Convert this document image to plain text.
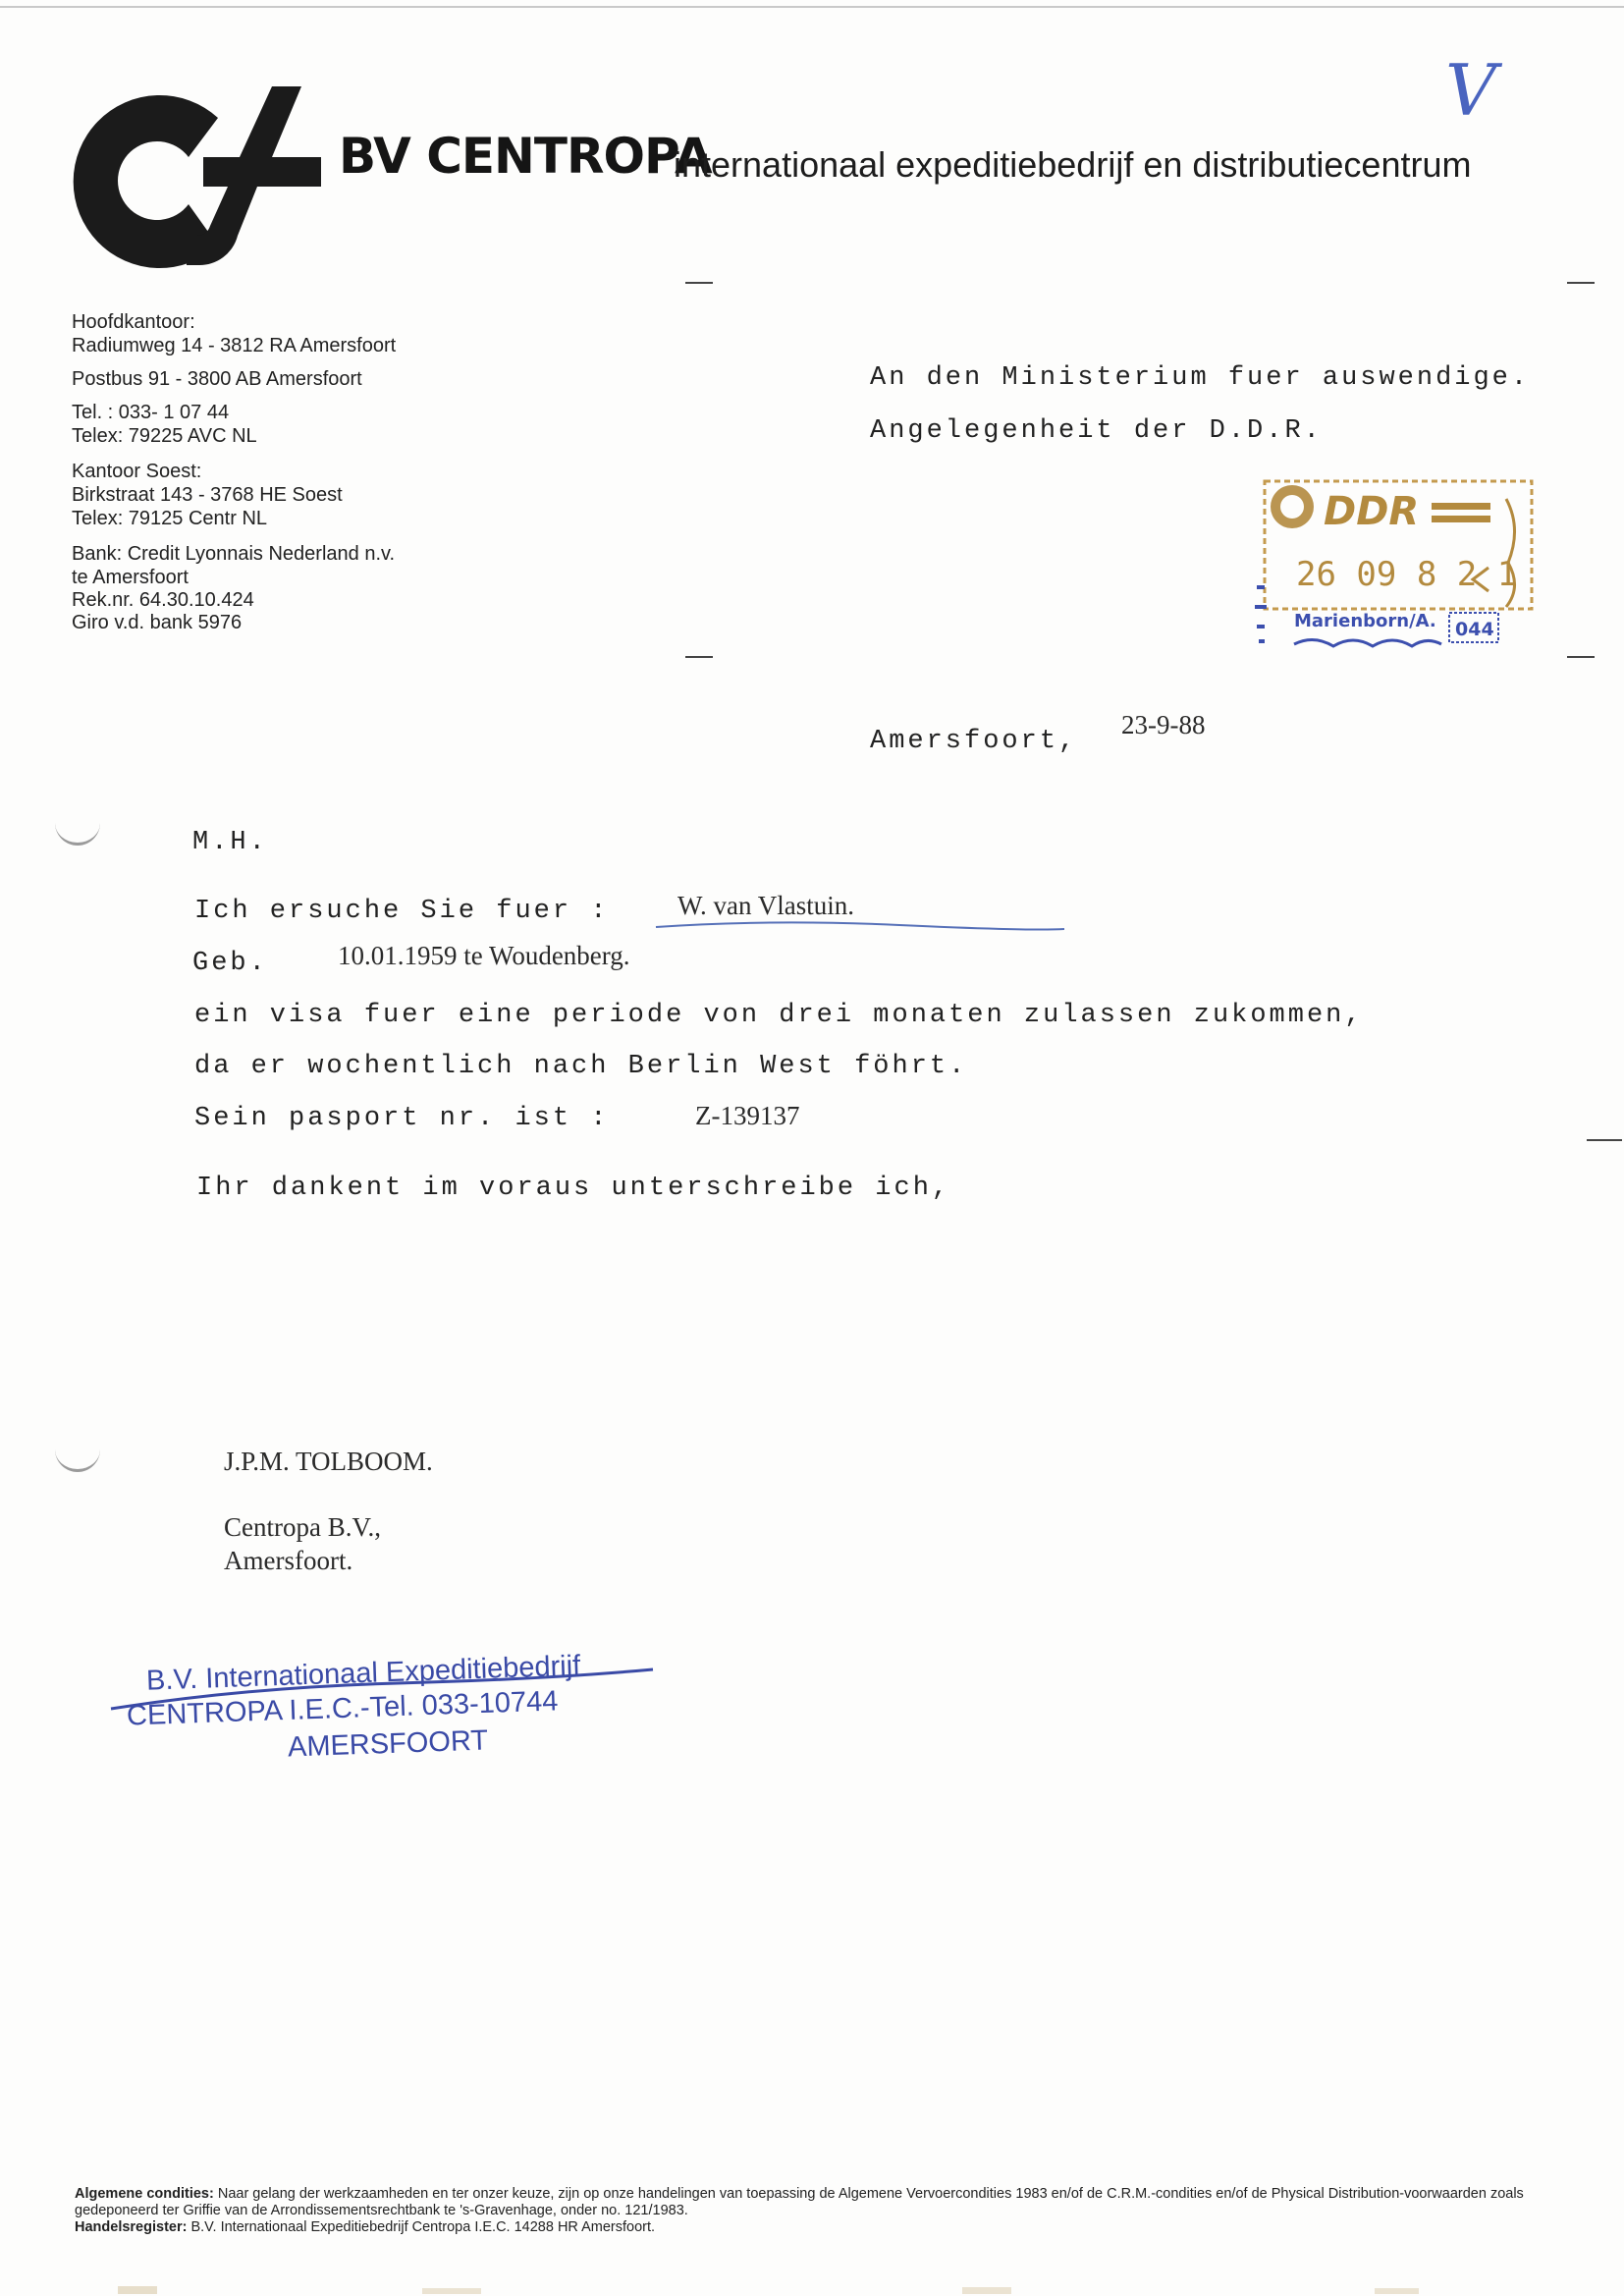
BV CENTROPA
internationaal expeditiebedrijf en distributiecentrum
V
Hoofdkantoor:
Radiumweg 14 - 3812 RA Amersfoort
Postbus 91 - 3800 AB Amersfoort
Tel. : 033- 1 07 44
Telex: 79225 AVC NL
Kantoor Soest:
Birkstraat 143 - 3768 HE Soest
Telex: 79125 Centr NL
Bank: Credit Lyonnais Nederland n.v.
te Amersfoort
Rek.nr. 64.30.10.424
Giro v.d. bank 5976
An den Ministerium fuer auswendige.
Angelegenheit der D.D.R.
DDR
26 09 8 2 1
Marienborn/A. 044
Amersfoort,
23-9-88
M.H.
Ich ersuche Sie fuer :	W. van Vlastuin.
Geb.	10.01.1959 te Woudenberg.
ein visa fuer eine periode von drei monaten zulassen zukommen,
da er wochentlich nach Berlin West föhrt.
Sein pasport nr. ist :	Z-139137
Ihr dankent im voraus unterschreibe ich,
J.P.M. TOLBOOM.
Centropa B.V.,
Amersfoort.
B.V. Internationaal Expeditiebedrijf
CENTROPA I.E.C.-Tel. 033-10744
AMERSFOORT
Algemene condities: Naar gelang der werkzaamheden en ter onzer keuze, zijn op onze handelingen van toepassing de Algemene Vervoercondities 1983 en/of de C.R.M.-condities en/of de Physical Distribution-voorwaarden zoals gedeponeerd ter Griffie van de Arrondissementsrechtbank te 's-Gravenhage, onder no. 121/1983.
Handelsregister: B.V. Internationaal Expeditiebedrijf Centropa I.E.C. 14288 HR Amersfoort.
